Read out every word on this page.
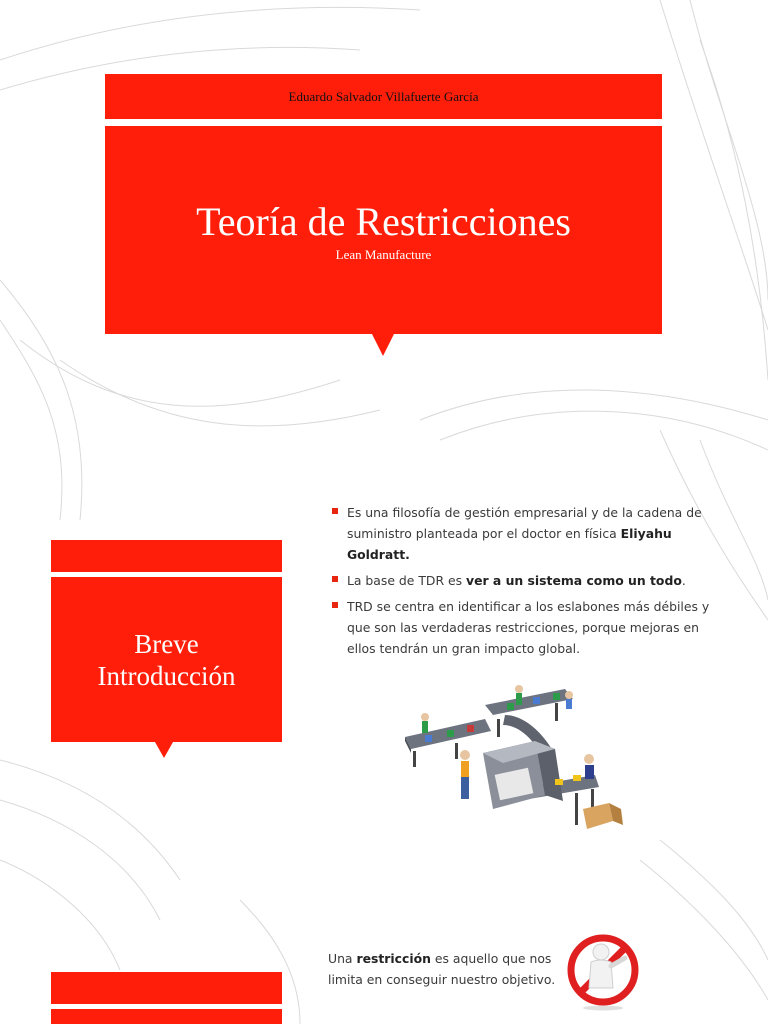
Eduardo Salvador Villafuerte García
Teoría de Restricciones
Lean Manufacture
Breve
Introducción
Es una filosofía de gestión empresarial y de la cadena de suministro planteada por el doctor en física Eliyahu Goldratt.
La base de TDR es ver a un sistema como un todo.
TRD se centra en identificar a los eslabones más débiles y que son las verdaderas restricciones, porque mejoras en ellos tendrán un gran impacto global.
Una restricción es aquello que nos limita en conseguir nuestro objetivo.
